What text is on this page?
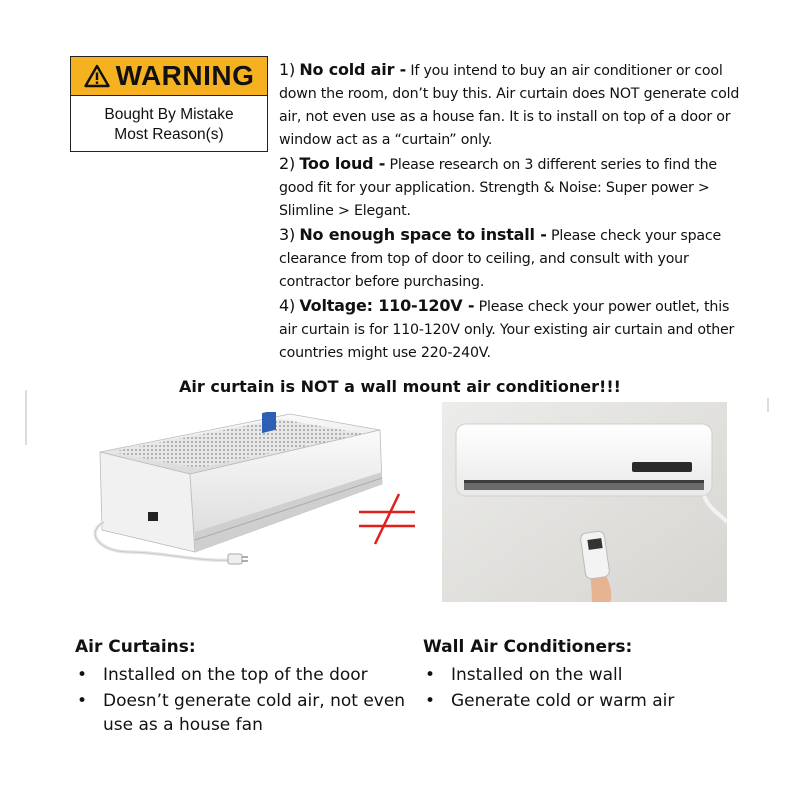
WARNING
Bought By Mistake
Most Reason(s)

1) No cold air - If you intend to buy an air conditioner or cool down the room, don’t buy this. Air curtain does NOT generate cold air, not even use as a house fan. It is to install on top of a door or window act as a “curtain” only.

2) Too loud - Please research on 3 different series to find the good fit for your application. Strength & Noise: Super power > Slimline > Elegant.

3) No enough space to install - Please check your space clearance from top of door to ceiling, and consult with your contractor before purchasing.

4) Voltage: 110-120V - Please check your power outlet, this air curtain is for 110-120V only. Your existing air curtain and other countries might use 220-240V.

Air curtain is NOT a wall mount air conditioner!!!
Air Curtains:
• Installed on the top of the door
• Doesn’t generate cold air, not even use as a house fan
Wall Air Conditioners:
• Installed on the wall
• Generate cold or warm air
